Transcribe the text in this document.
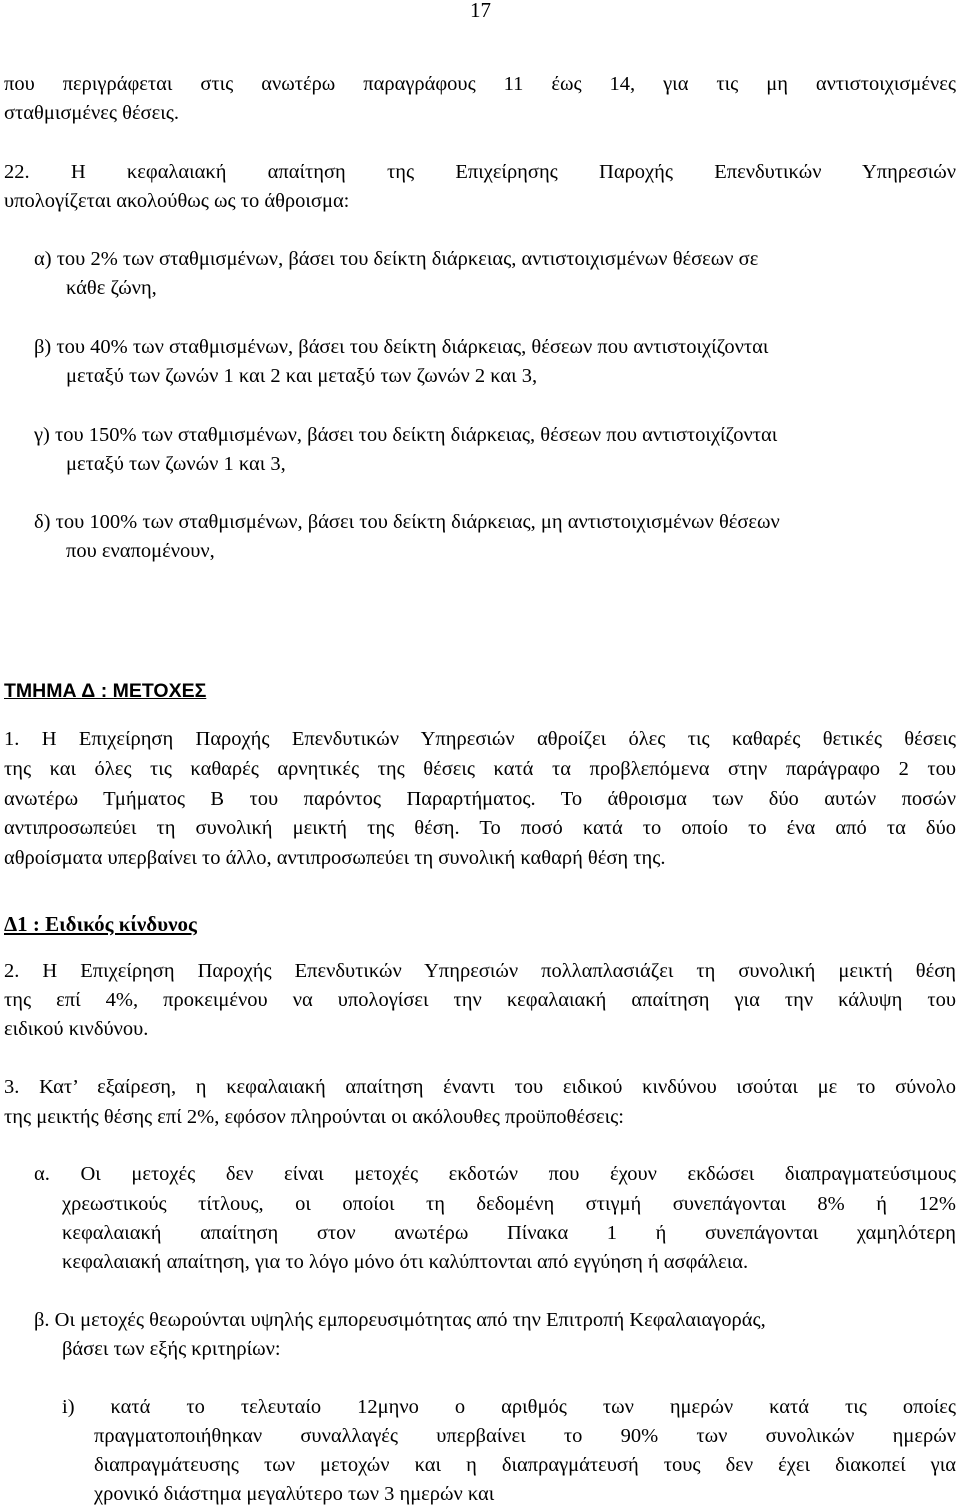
17
που περιγράφεται στις ανωτέρω παραγράφους 11 έως 14, για τις μη αντιστοιχισμένες
σταθμισμένες θέσεις.
22. Η κεφαλαιακή απαίτηση της Επιχείρησης Παροχής Επενδυτικών Υπηρεσιών
υπολογίζεται ακολούθως ως το άθροισμα:
α) του 2% των σταθμισμένων, βάσει του δείκτη διάρκειας, αντιστοιχισμένων θέσεων σε
κάθε ζώνη,
β) του 40% των σταθμισμένων, βάσει του δείκτη διάρκειας, θέσεων που αντιστοιχίζονται
μεταξύ των ζωνών 1 και 2 και μεταξύ των ζωνών 2 και 3,
γ) του 150% των σταθμισμένων, βάσει του δείκτη διάρκειας, θέσεων που αντιστοιχίζονται
μεταξύ των ζωνών 1 και 3,
δ) του 100% των σταθμισμένων, βάσει του δείκτη διάρκειας, μη αντιστοιχισμένων θέσεων
που εναπομένουν,
ΤΜΗΜΑ Δ : ΜΕΤΟΧΕΣ
1. Η Επιχείρηση Παροχής Επενδυτικών Υπηρεσιών αθροίζει όλες τις καθαρές θετικές θέσεις
της και όλες τις καθαρές αρνητικές της θέσεις κατά τα προβλεπόμενα στην παράγραφο 2 του
ανωτέρω Τμήματος Β του παρόντος Παραρτήματος. Το άθροισμα των δύο αυτών ποσών
αντιπροσωπεύει τη συνολική μεικτή της θέση. Το ποσό κατά το οποίο το ένα από τα δύο
αθροίσματα υπερβαίνει το άλλο, αντιπροσωπεύει τη συνολική καθαρή θέση της.
Δ1 : Ειδικός κίνδυνος
2. Η Επιχείρηση Παροχής Επενδυτικών Υπηρεσιών πολλαπλασιάζει τη συνολική μεικτή θέση
της επί 4%, προκειμένου να υπολογίσει την κεφαλαιακή απαίτηση για την κάλυψη του
ειδικού κινδύνου.
3. Κατ’ εξαίρεση, η κεφαλαιακή απαίτηση έναντι του ειδικού κινδύνου ισούται με το σύνολο
της μεικτής θέσης επί 2%, εφόσον πληρούνται οι ακόλουθες προϋποθέσεις:
α. Οι μετοχές δεν είναι μετοχές εκδοτών που έχουν εκδώσει διαπραγματεύσιμους
χρεωστικούς τίτλους, οι οποίοι τη δεδομένη στιγμή συνεπάγονται 8% ή 12%
κεφαλαιακή απαίτηση στον ανωτέρω Πίνακα 1 ή συνεπάγονται χαμηλότερη
κεφαλαιακή απαίτηση, για το λόγο μόνο ότι καλύπτονται από εγγύηση ή ασφάλεια.
β. Οι μετοχές θεωρούνται υψηλής εμπορευσιμότητας από την Επιτροπή Κεφαλαιαγοράς,
βάσει των εξής κριτηρίων:
i) κατά το τελευταίο 12μηνο ο αριθμός των ημερών κατά τις οποίες
πραγματοποιήθηκαν συναλλαγές υπερβαίνει το 90% των συνολικών ημερών
διαπραγμάτευσης των μετοχών και η διαπραγμάτευσή τους δεν έχει διακοπεί για
χρονικό διάστημα μεγαλύτερο των 3 ημερών και
